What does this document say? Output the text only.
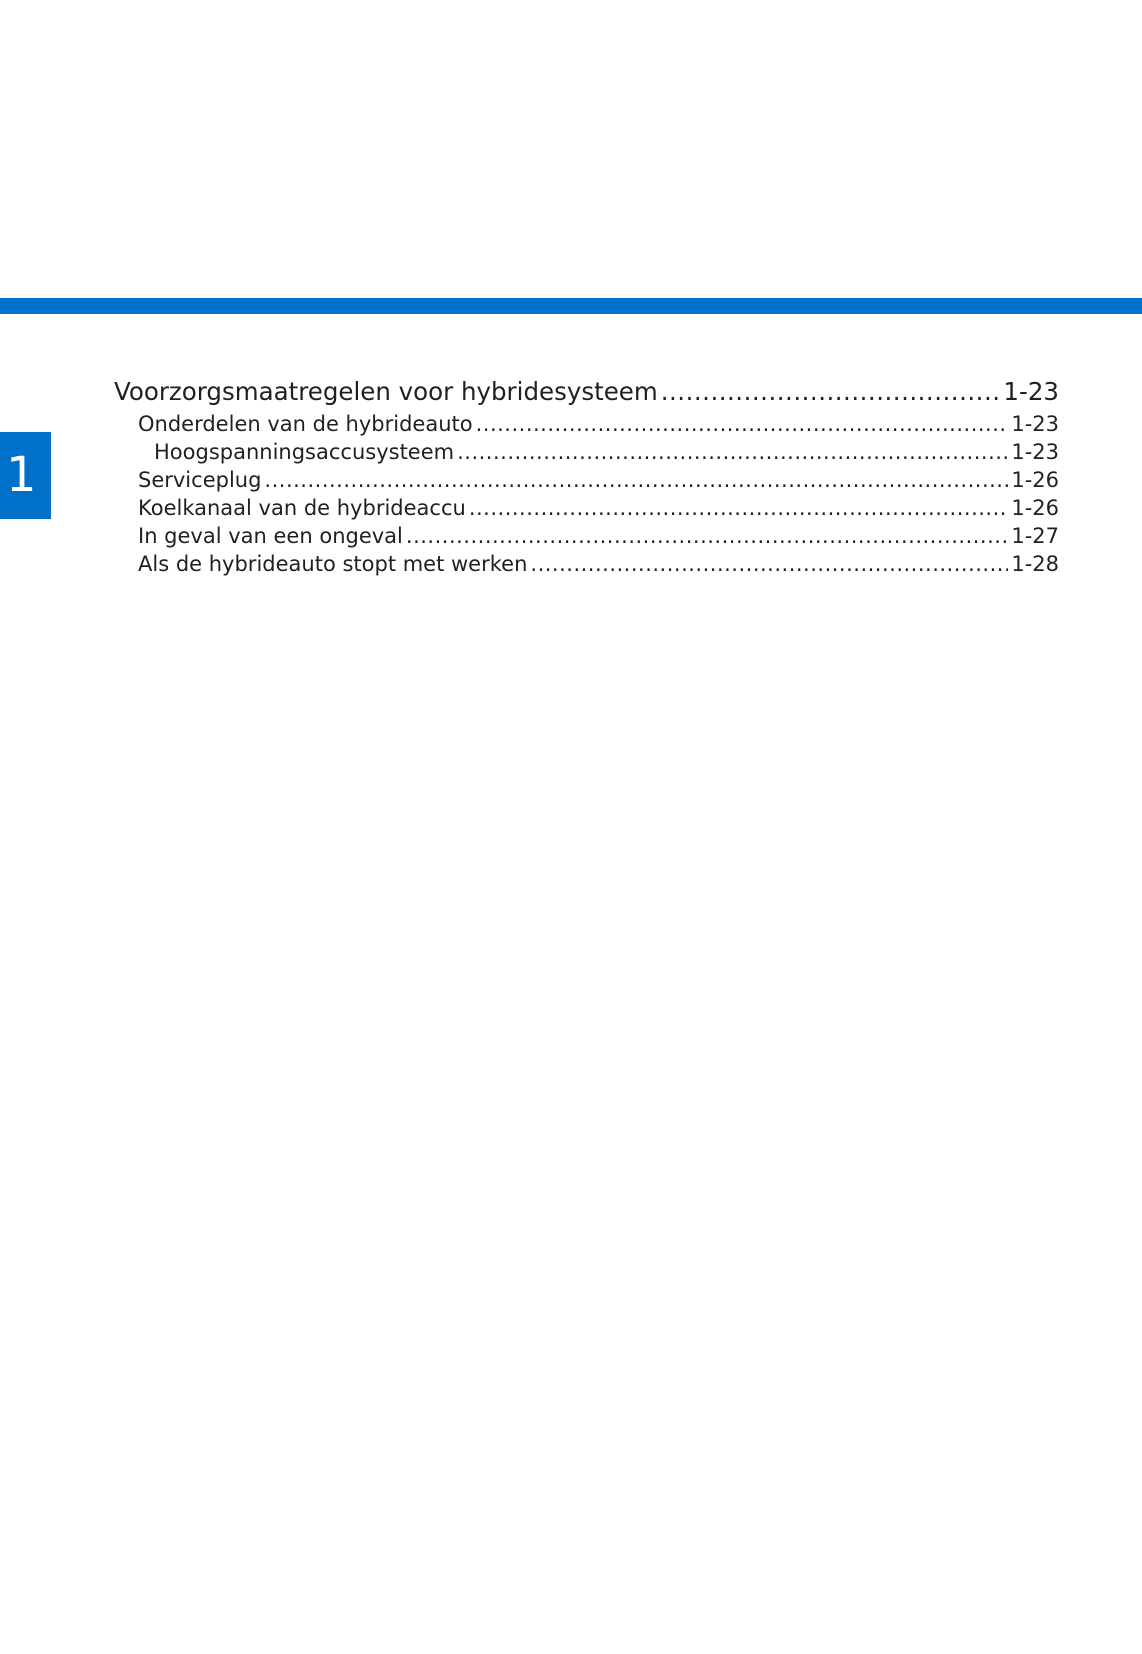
1
Voorzorgsmaatregelen voor hybridesysteem .....	1-23
Onderdelen van de hybrideauto .....	1-23
Hoogspanningsaccusysteem .....	1-23
Serviceplug .....	1-26
Koelkanaal van de hybrideaccu .....	1-26
In geval van een ongeval .....	1-27
Als de hybrideauto stopt met werken .....	1-28
